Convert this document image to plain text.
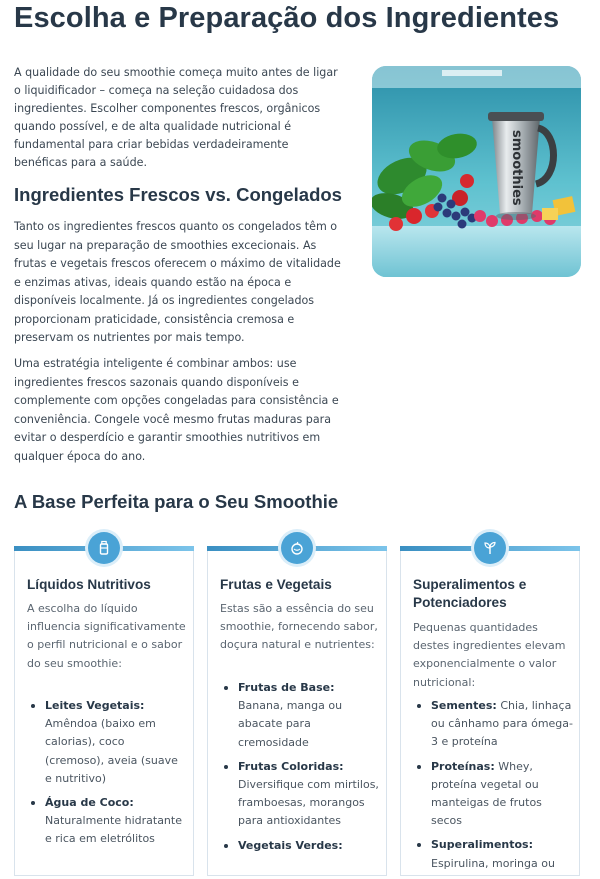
Escolha e Preparação dos Ingredientes

A qualidade do seu smoothie começa muito antes de ligar o liquidificador – começa na seleção cuidadosa dos ingredientes. Escolher componentes frescos, orgânicos quando possível, e de alta qualidade nutricional é fundamental para criar bebidas verdadeiramente benéficas para a saúde.	smoothies
Ingredientes Frescos vs. Congelados

Tanto os ingredientes frescos quanto os congelados têm o seu lugar na preparação de smoothies excecionais. As frutas e vegetais frescos oferecem o máximo de vitalidade e enzimas ativas, ideais quando estão na época e disponíveis localmente. Já os ingredientes congelados proporcionam praticidade, consistência cremosa e preservam os nutrientes por mais tempo.

Uma estratégia inteligente é combinar ambos: use ingredientes frescos sazonais quando disponíveis e complemente com opções congeladas para consistência e conveniência. Congele você mesmo frutas maduras para evitar o desperdício e garantir smoothies nutritivos em qualquer época do ano.

A Base Perfeita para o Seu Smoothie
Líquidos Nutritivos

A escolha do líquido influencia significativamente o perfil nutricional e o sabor do seu smoothie:

Leites Vegetais: Amêndoa (baixo em calorias), coco (cremoso), aveia (suave e nutritivo)
Água de Coco: Naturalmente hidratante e rica em eletrólitos
Frutas e Vegetais

Estas são a essência do seu smoothie, fornecendo sabor, doçura natural e nutrientes:

Frutas de Base: Banana, manga ou abacate para cremosidade
Frutas Coloridas: Diversifique com mirtilos, framboesas, morangos para antioxidantes
Vegetais Verdes:
Superalimentos e Potenciadores

Pequenas quantidades destes ingredientes elevam exponencialmente o valor nutricional:

Sementes: Chia, linhaça ou cânhamo para ómega-3 e proteína
Proteínas: Whey, proteína vegetal ou manteigas de frutos secos
Superalimentos: Espirulina, moringa ou
